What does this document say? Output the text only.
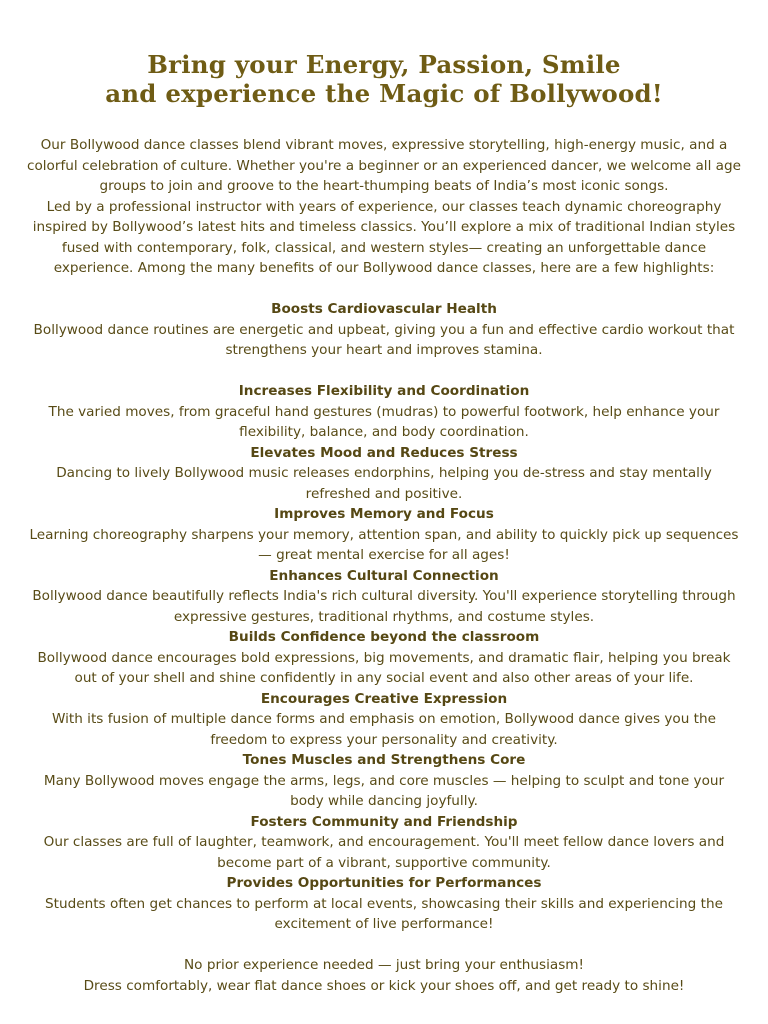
Bring your Energy, Passion, Smile
and experience the Magic of Bollywood!

Our Bollywood dance classes blend vibrant moves, expressive storytelling, high-energy music, and a colorful celebration of culture. Whether you're a beginner or an experienced dancer, we welcome all age groups to join and groove to the heart-thumping beats of India’s most iconic songs.

Led by a professional instructor with years of experience, our classes teach dynamic choreography inspired by Bollywood’s latest hits and timeless classics. You’ll explore a mix of traditional Indian styles fused with contemporary, folk, classical, and western styles— creating an unforgettable dance experience. Among the many benefits of our Bollywood dance classes, here are a few highlights:

Boosts Cardiovascular Health

Bollywood dance routines are energetic and upbeat, giving you a fun and effective cardio workout that strengthens your heart and improves stamina.

Increases Flexibility and Coordination

The varied moves, from graceful hand gestures (mudras) to powerful footwork, help enhance your flexibility, balance, and body coordination.

Elevates Mood and Reduces Stress

Dancing to lively Bollywood music releases endorphins, helping you de-stress and stay mentally refreshed and positive.

Improves Memory and Focus

Learning choreography sharpens your memory, attention span, and ability to quickly pick up sequences — great mental exercise for all ages!

Enhances Cultural Connection

Bollywood dance beautifully reflects India's rich cultural diversity. You'll experience storytelling through expressive gestures, traditional rhythms, and costume styles.

Builds Confidence beyond the classroom

Bollywood dance encourages bold expressions, big movements, and dramatic flair, helping you break out of your shell and shine confidently in any social event and also other areas of your life.

Encourages Creative Expression

With its fusion of multiple dance forms and emphasis on emotion, Bollywood dance gives you the freedom to express your personality and creativity.

Tones Muscles and Strengthens Core

Many Bollywood moves engage the arms, legs, and core muscles — helping to sculpt and tone your body while dancing joyfully.

Fosters Community and Friendship

Our classes are full of laughter, teamwork, and encouragement. You'll meet fellow dance lovers and become part of a vibrant, supportive community.

Provides Opportunities for Performances

Students often get chances to perform at local events, showcasing their skills and experiencing the excitement of live performance!

No prior experience needed — just bring your enthusiasm!

Dress comfortably, wear flat dance shoes or kick your shoes off, and get ready to shine!
